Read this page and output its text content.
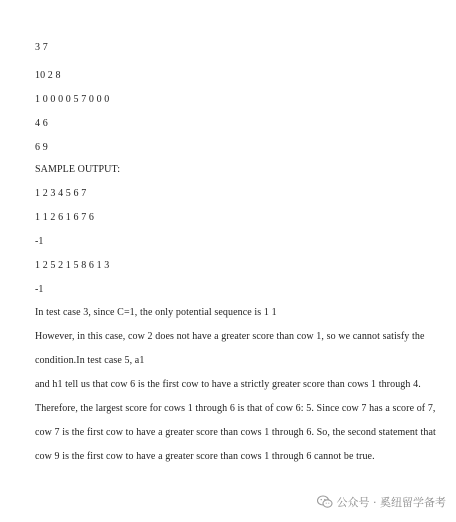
3 7
10 2 8
1 0 0 0 0 5 7 0 0 0
4 6
6 9
SAMPLE OUTPUT:
1 2 3 4 5 6 7
1 1 2 6 1 6 7 6
-1
1 2 5 2 1 5 8 6 1 3
-1
In test case 3, since C=1, the only potential sequence is 1 1
However, in this case, cow 2 does not have a greater score than cow 1, so we cannot satisfy the
condition.In test case 5, a1
and h1 tell us that cow 6 is the first cow to have a strictly greater score than cows 1 through 4.
Therefore, the largest score for cows 1 through 6 is that of cow 6: 5. Since cow 7 has a score of 7,
cow 7 is the first cow to have a greater score than cows 1 through 6. So, the second statement that
cow 9 is the first cow to have a greater score than cows 1 through 6 cannot be true.
公众号 · 奚纽留学备考
